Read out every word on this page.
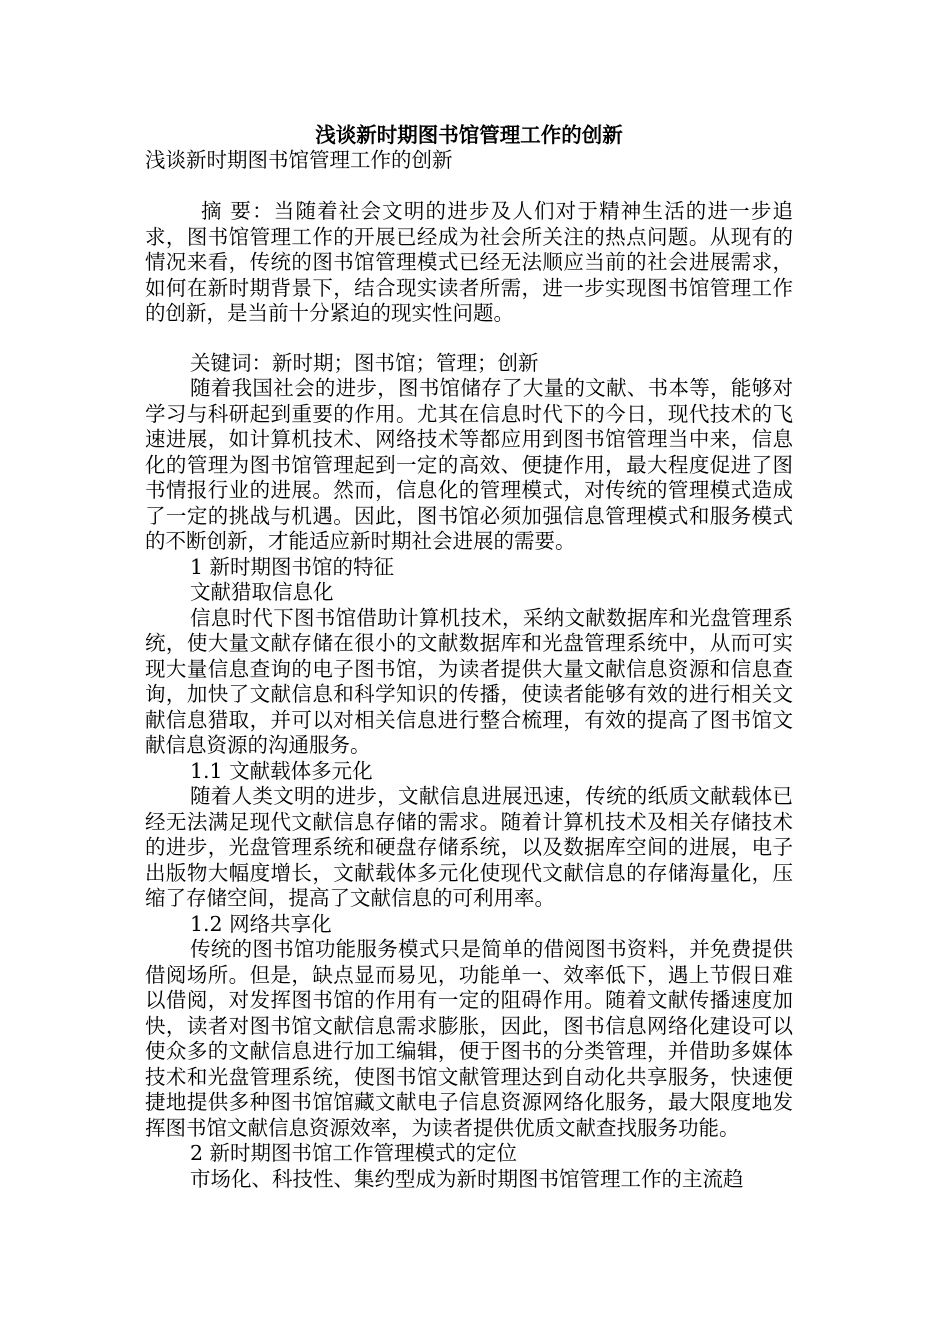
浅谈新时期图书馆管理工作的创新

浅谈新时期图书馆管理工作的创新

摘 要：当随着社会文明的进步及人们对于精神生活的进一步追求，图书馆管理工作的开展已经成为社会所关注的热点问题。从现有的情况来看，传统的图书馆管理模式已经无法顺应当前的社会进展需求，如何在新时期背景下，结合现实读者所需，进一步实现图书馆管理工作的创新，是当前十分紧迫的现实性问题。

关键词：新时期；图书馆；管理；创新

随着我国社会的进步，图书馆储存了大量的文献、书本等，能够对学习与科研起到重要的作用。尤其在信息时代下的今日，现代技术的飞速进展，如计算机技术、网络技术等都应用到图书馆管理当中来，信息化的管理为图书馆管理起到一定的高效、便捷作用，最大程度促进了图书情报行业的进展。然而，信息化的管理模式，对传统的管理模式造成了一定的挑战与机遇。因此，图书馆必须加强信息管理模式和服务模式的不断创新，才能适应新时期社会进展的需要。

1 新时期图书馆的特征

文献猎取信息化

信息时代下图书馆借助计算机技术，采纳文献数据库和光盘管理系统，使大量文献存储在很小的文献数据库和光盘管理系统中，从而可实现大量信息查询的电子图书馆，为读者提供大量文献信息资源和信息查询，加快了文献信息和科学知识的传播，使读者能够有效的进行相关文献信息猎取，并可以对相关信息进行整合梳理，有效的提高了图书馆文献信息资源的沟通服务。

1.1 文献载体多元化

随着人类文明的进步，文献信息进展迅速，传统的纸质文献载体已经无法满足现代文献信息存储的需求。随着计算机技术及相关存储技术的进步，光盘管理系统和硬盘存储系统，以及数据库空间的进展，电子出版物大幅度增长，文献载体多元化使现代文献信息的存储海量化，压缩了存储空间，提高了文献信息的可利用率。

1.2 网络共享化

传统的图书馆功能服务模式只是简单的借阅图书资料，并免费提供借阅场所。但是，缺点显而易见，功能单一、效率低下，遇上节假日难以借阅，对发挥图书馆的作用有一定的阻碍作用。随着文献传播速度加快，读者对图书馆文献信息需求膨胀，因此，图书信息网络化建设可以使众多的文献信息进行加工编辑，便于图书的分类管理，并借助多媒体技术和光盘管理系统，使图书馆文献管理达到自动化共享服务，快速便捷地提供多种图书馆馆藏文献电子信息资源网络化服务，最大限度地发挥图书馆文献信息资源效率，为读者提供优质文献查找服务功能。

2 新时期图书馆工作管理模式的定位

市场化、科技性、集约型成为新时期图书馆管理工作的主流趋
